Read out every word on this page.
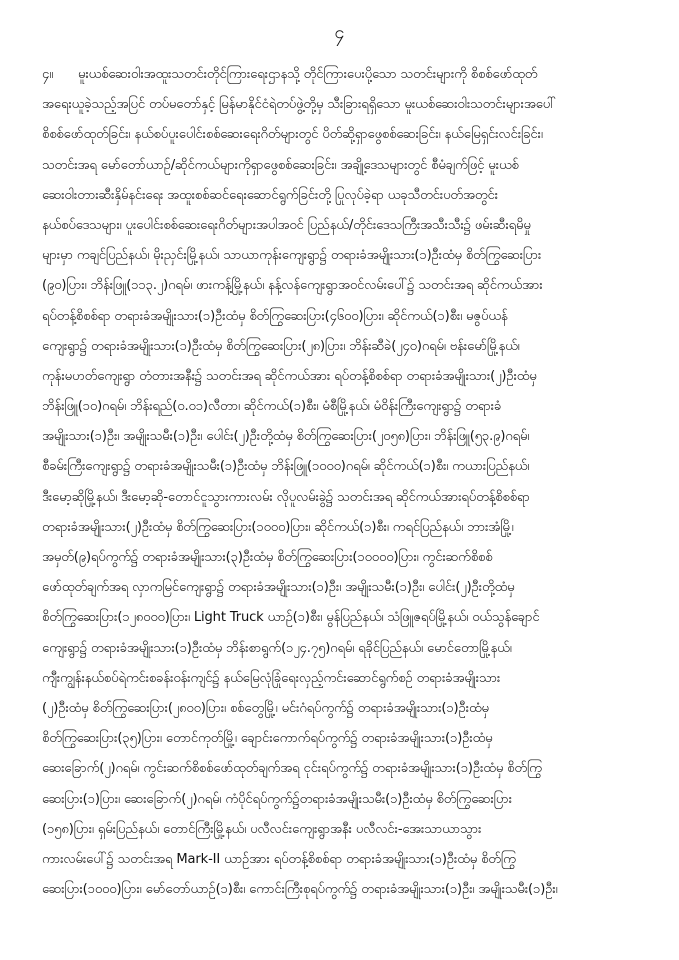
၄
၄။	မူးယစ်ဆေးဝါးအထူးသတင်းတိုင်ကြားရေးဌာနသို့ တိုင်ကြားပေးပို့သော သတင်းများကို စိစစ်ဖော်ထုတ်
အရေးယူခဲ့သည့်အပြင် တပ်မတော်နှင့် မြန်မာနိုင်ငံရဲတပ်ဖွဲ့တို့မှ သီးခြားရရှိသော မူးယစ်ဆေးဝါးသတင်းများအပေါ်
စိစစ်ဖော်ထုတ်ခြင်း၊ နယ်စပ်ပူးပေါင်းစစ်ဆေးရေးဂိတ်များတွင် ပိတ်ဆို့ရှာဖွေစစ်ဆေးခြင်း၊ နယ်မြေရှင်းလင်းခြင်း၊
သတင်းအရ မော်တော်ယာဉ်/ဆိုင်ကယ်များကိုရှာဖွေစစ်ဆေးခြင်း၊ အချို့ဒေသများတွင် စီမံချက်ဖြင့် မူးယစ်
ဆေးဝါးတားဆီးနှိမ်နင်းရေး အထူးစစ်ဆင်ရေးဆောင်ရွက်ခြင်းတို့ ပြုလုပ်ခဲ့ရာ ယခုသီတင်းပတ်အတွင်း
နယ်စပ်ဒေသများ၊ ပူးပေါင်းစစ်ဆေးရေးဂိတ်များအပါအဝင် ပြည်နယ်/တိုင်းဒေသကြီးအသီးသီး၌ ဖမ်းဆီးရမိမှု
များမှာ ကချင်ပြည်နယ်၊ မိုးညှင်းမြို့နယ်၊ သာယာကုန်းကျေးရွာ၌ တရားခံအမျိုးသား(၁)ဦးထံမှ စိတ်ကြွဆေးပြား
(၉၀)ပြား၊ ဘိန်းဖြူ(၁၁၃.၂)ဂရမ်၊ ဖားကန့်မြို့နယ်၊ နန့်လန်ကျေးရွာအဝင်လမ်းပေါ်၌ သတင်းအရ ဆိုင်ကယ်အား
ရပ်တန့်စိစစ်ရာ တရားခံအမျိုးသား(၁)ဦးထံမှ စိတ်ကြွဆေးပြား(၄၆၀၀)ပြား၊ ဆိုင်ကယ်(၁)စီး၊ မဇွပ်ယန်
ကျေးရွာ၌ တရားခံအမျိုးသား(၁)ဦးထံမှ စိတ်ကြွဆေးပြား(၂၈)ပြား၊ ဘိန်းဆီခဲ(၂၄၀)ဂရမ်၊ ဗန်းမော်မြို့နယ်၊
ကုန်းမဟတ်ကျေးရွာ တံတားအနီး၌ သတင်းအရ ဆိုင်ကယ်အား ရပ်တန့်စိစစ်ရာ တရားခံအမျိုးသား(၂)ဦးထံမှ
ဘိန်းဖြူ(၁၀)ဂရမ်၊ ဘိန်းရည်(၀.၀၁)လီတာ၊ ဆိုင်ကယ်(၁)စီး၊ မံစီမြို့နယ်၊ မံဝိန်းကြီးကျေးရွာ၌ တရားခံ
အမျိုးသား(၁)ဦး၊ အမျိုးသမီး(၁)ဦး၊ ပေါင်း(၂)ဦးတို့ထံမှ စိတ်ကြွဆေးပြား(၂၀၅၈)ပြား၊ ဘိန်းဖြူ(၅၃.၉)ဂရမ်၊
စီခမ်းကြီးကျေးရွာ၌ တရားခံအမျိုးသမီး(၁)ဦးထံမှ ဘိန်းဖြူ(၁၀၀၀)ဂရမ်၊ ဆိုင်ကယ်(၁)စီး၊ ကယားပြည်နယ်၊
ဒီးမော့ဆိုမြို့နယ်၊ ဒီးမော့ဆို-တောင်ငူသွားကားလမ်း လိုပူလမ်းခွဲ၌ သတင်းအရ ဆိုင်ကယ်အားရပ်တန့်စိစစ်ရာ
တရားခံအမျိုးသား(၂)ဦးထံမှ စိတ်ကြွဆေးပြား(၁၀၀၀)ပြား၊ ဆိုင်ကယ်(၁)စီး၊ ကရင်ပြည်နယ်၊ ဘားအံမြို့၊
အမှတ်(၉)ရပ်ကွက်၌ တရားခံအမျိုးသား(၃)ဦးထံမှ စိတ်ကြွဆေးပြား(၁၀၀၀၀)ပြား၊ ကွင်းဆက်စိစစ်
ဖော်ထုတ်ချက်အရ လှာကမြင်ကျေးရွာ၌ တရားခံအမျိုးသား(၁)ဦး၊ အမျိုးသမီး(၁)ဦး၊ ပေါင်း(၂)ဦးတို့ထံမှ
စိတ်ကြွဆေးပြား(၁၂၈၀၀၀)ပြား၊ Light Truck ယာဉ်(၁)စီး၊ မွန်ပြည်နယ်၊ သံဖြူဇရပ်မြို့နယ်၊ ဝယ်သွန်ချောင်
ကျေးရွာ၌ တရားခံအမျိုးသား(၁)ဦးထံမှ ဘိန်းစာရွက်(၁၂၄.၇၅)ဂရမ်၊ ရခိုင်ပြည်နယ်၊ မောင်တောမြို့နယ်၊
ကျီးကျွန်းနယ်စပ်ရဲကင်းစခန်းဝန်းကျင်၌ နယ်မြေလုံခြုံရေးလှည့်ကင်းဆောင်ရွက်စဉ် တရားခံအမျိုးသား
(၂)ဦးထံမှ စိတ်ကြွဆေးပြား(၂၈၀၀)ပြား၊ စစ်တွေမြို့၊ မင်းဂံရပ်ကွက်၌ တရားခံအမျိုးသား(၁)ဦးထံမှ
စိတ်ကြွဆေးပြား(၃၅)ပြား၊ တောင်ကုတ်မြို့၊ ချောင်းကောက်ရပ်ကွက်၌ တရားခံအမျိုးသား(၁)ဦးထံမှ
ဆေးခြောက်(၂)ဂရမ်၊ ကွင်းဆက်စိစစ်ဖော်ထုတ်ချက်အရ ငုင်းရပ်ကွက်၌ တရားခံအမျိုးသား(၁)ဦးထံမှ စိတ်ကြွ
ဆေးပြား(၁)ပြား၊ ဆေးခြောက်(၂)ဂရမ်၊ ကံပိုင်ရပ်ကွက်၌တရားခံအမျိုးသမီး(၁)ဦးထံမှ စိတ်ကြွဆေးပြား
(၁၅၈)ပြား၊ ရှမ်းပြည်နယ်၊ တောင်ကြီးမြို့နယ်၊ ပလီလင်းကျေးရွာအနီး ပလီလင်း-အေးသာယာသွား
ကားလမ်းပေါ်၌ သတင်းအရ Mark-II ယာဉ်အား ရပ်တန့်စိစစ်ရာ တရားခံအမျိုးသား(၁)ဦးထံမှ စိတ်ကြွ
ဆေးပြား(၁၀၀၀)ပြား၊ မော်တော်ယာဉ်(၁)စီး၊ ကောင်းကြီးစုရပ်ကွက်၌ တရားခံအမျိုးသား(၁)ဦး၊ အမျိုးသမီး(၁)ဦး၊
